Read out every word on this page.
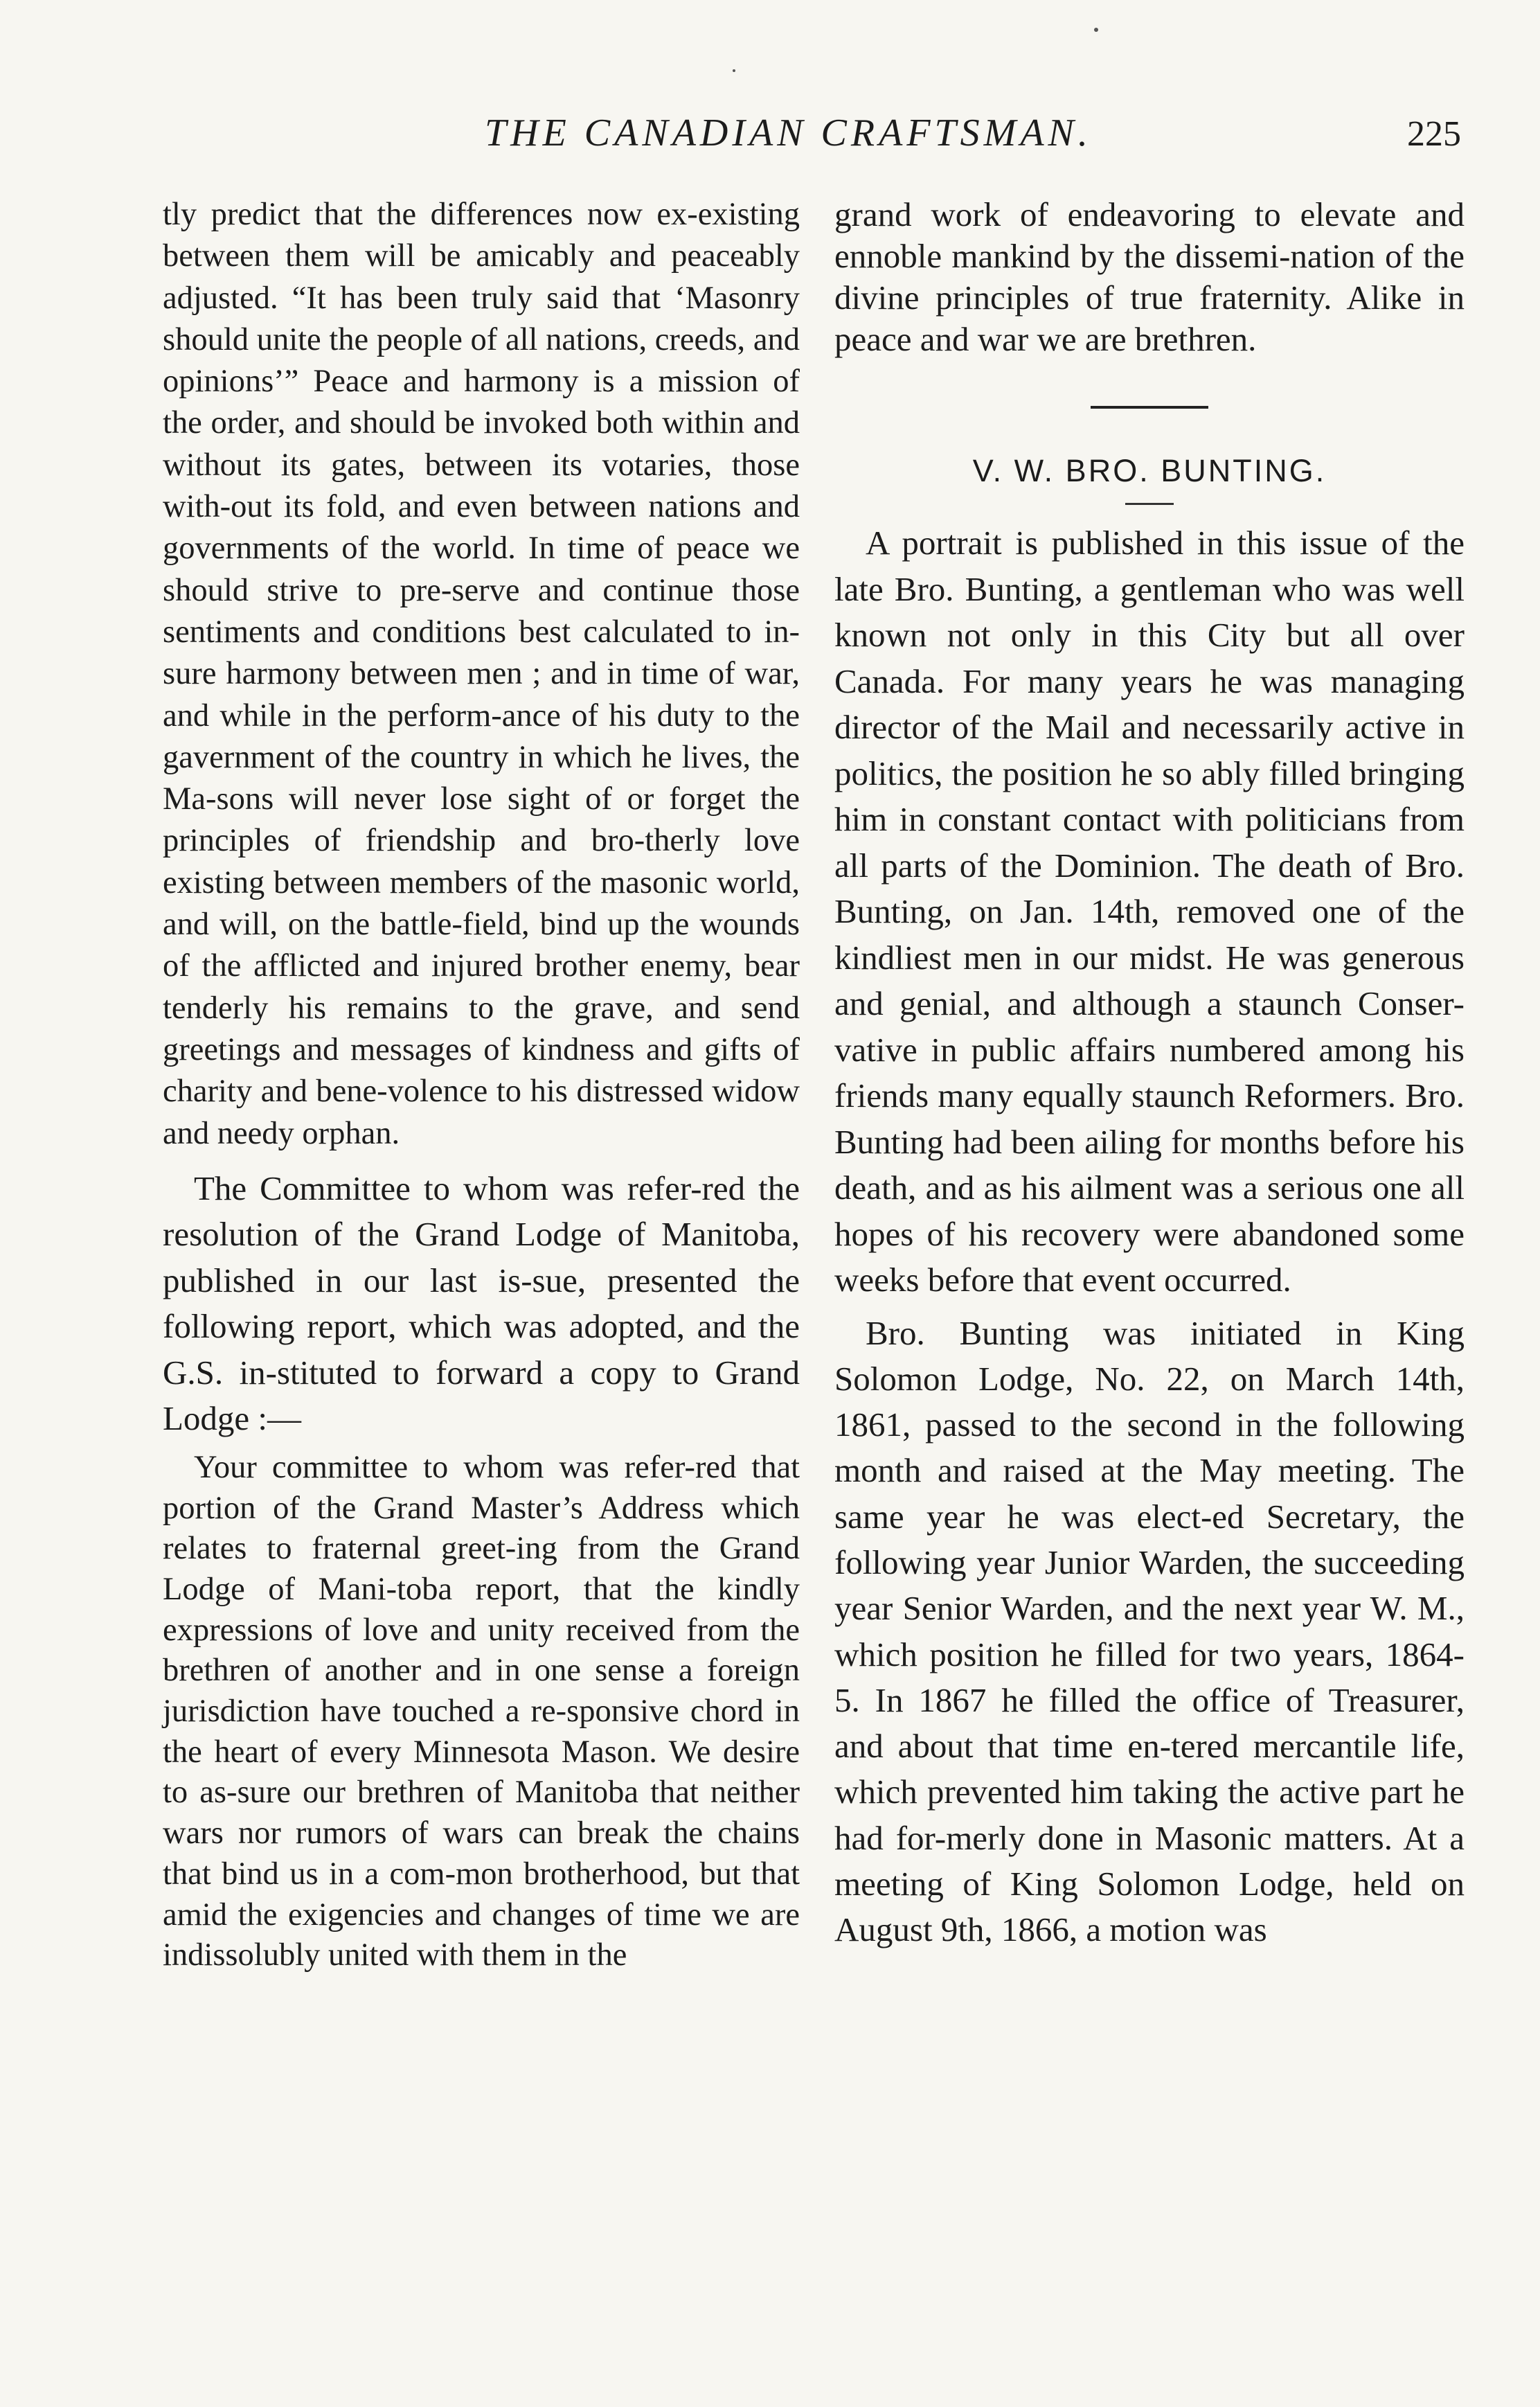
THE CANADIAN CRAFTSMAN.	225

tly predict that the differences now ex-existing between them will be amicably and peaceably adjusted. “It has been truly said that ‘Masonry should unite the people of all nations, creeds, and opinions’” Peace and harmony is a mission of the order, and should be invoked both within and without its gates, between its votaries, those with-out its fold, and even between nations and governments of the world. In time of peace we should strive to pre-serve and continue those sentiments and conditions best calculated to in-sure harmony between men ; and in time of war, and while in the perform-ance of his duty to the gavernment of the country in which he lives, the Ma-sons will never lose sight of or forget the principles of friendship and bro-therly love existing between members of the masonic world, and will, on the battle-field, bind up the wounds of the afflicted and injured brother enemy, bear tenderly his remains to the grave, and send greetings and messages of kindness and gifts of charity and bene-volence to his distressed widow and needy orphan.

The Committee to whom was refer-red the resolution of the Grand Lodge of Manitoba, published in our last is-sue, presented the following report, which was adopted, and the G.S. in-stituted to forward a copy to Grand Lodge :—

Your committee to whom was refer-red that portion of the Grand Master’s Address which relates to fraternal greet-ing from the Grand Lodge of Mani-toba report, that the kindly expressions of love and unity received from the brethren of another and in one sense a foreign jurisdiction have touched a re-sponsive chord in the heart of every Minnesota Mason. We desire to as-sure our brethren of Manitoba that neither wars nor rumors of wars can break the chains that bind us in a com-mon brotherhood, but that amid the exigencies and changes of time we are indissolubly united with them in the

grand work of endeavoring to elevate and ennoble mankind by the dissemi-nation of the divine principles of true fraternity. Alike in peace and war we are brethren.

V. W. BRO. BUNTING.

A portrait is published in this issue of the late Bro. Bunting, a gentleman who was well known not only in this City but all over Canada. For many years he was managing director of the Mail and necessarily active in politics, the position he so ably filled bringing him in constant contact with politicians from all parts of the Dominion. The death of Bro. Bunting, on Jan. 14th, removed one of the kindliest men in our midst. He was generous and genial, and although a staunch Conser-vative in public affairs numbered among his friends many equally staunch Reformers. Bro. Bunting had been ailing for months before his death, and as his ailment was a serious one all hopes of his recovery were abandoned some weeks before that event occurred.

Bro. Bunting was initiated in King Solomon Lodge, No. 22, on March 14th, 1861, passed to the second in the following month and raised at the May meeting. The same year he was elect-ed Secretary, the following year Junior Warden, the succeeding year Senior Warden, and the next year W. M., which position he filled for two years, 1864-5. In 1867 he filled the office of Treasurer, and about that time en-tered mercantile life, which prevented him taking the active part he had for-merly done in Masonic matters. At a meeting of King Solomon Lodge, held on August 9th, 1866, a motion was
